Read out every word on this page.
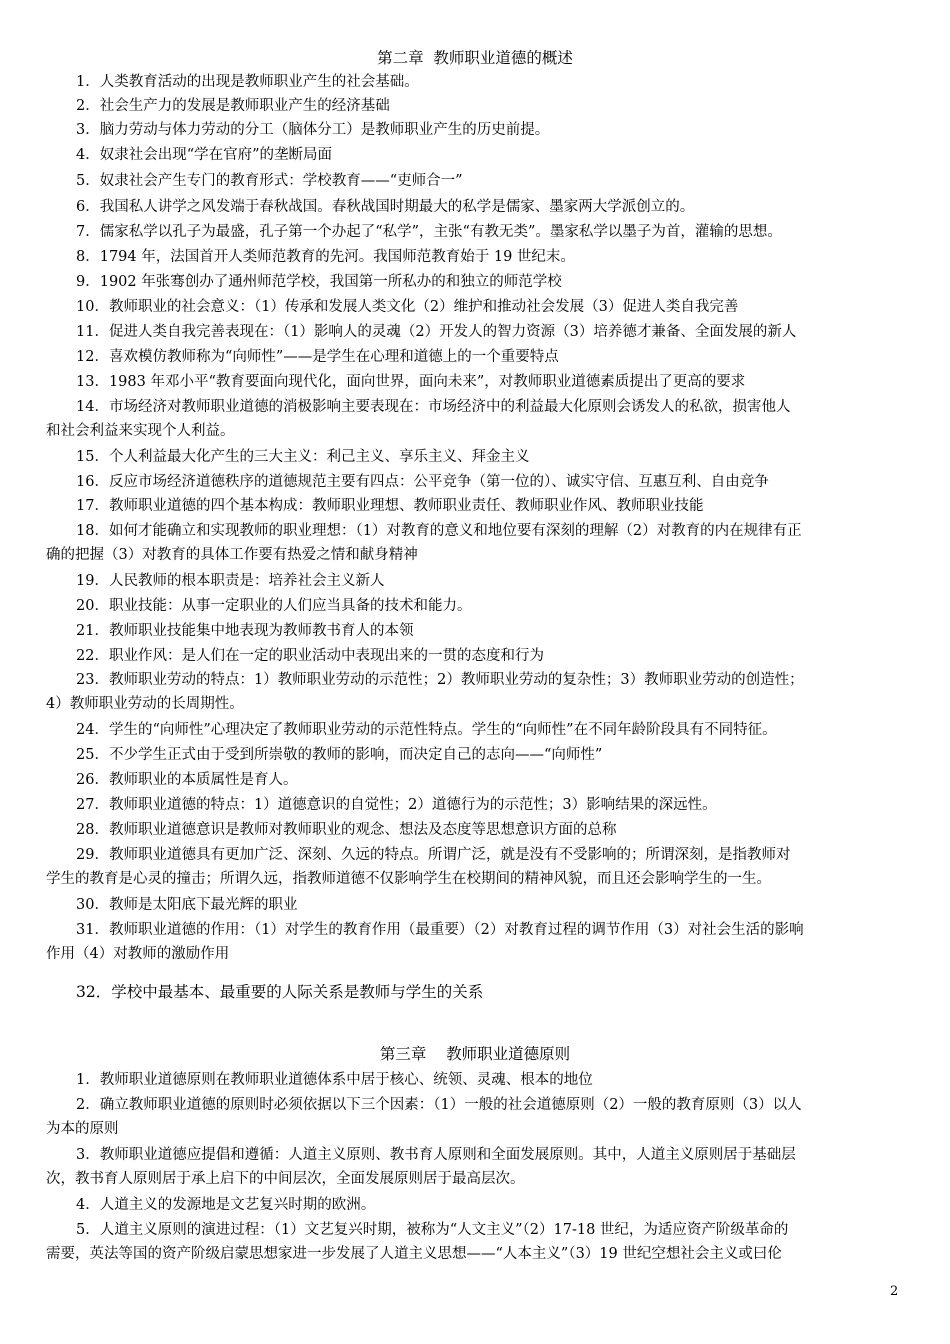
第二章  教师职业道德的概述
1．人类教育活动的出现是教师职业产生的社会基础。
2．社会生产力的发展是教师职业产生的经济基础
3．脑力劳动与体力劳动的分工（脑体分工）是教师职业产生的历史前提。
4．奴隶社会出现“学在官府”的垄断局面
5．奴隶社会产生专门的教育形式：学校教育——“吏师合一”
6．我国私人讲学之风发端于春秋战国。春秋战国时期最大的私学是儒家、墨家两大学派创立的。
7．儒家私学以孔子为最盛，孔子第一个办起了“私学”，主张“有教无类”。墨家私学以墨子为首，灌输的思想。
8．1794 年，法国首开人类师范教育的先河。我国师范教育始于 19 世纪末。
9．1902 年张骞创办了通州师范学校，我国第一所私办的和独立的师范学校
10．教师职业的社会意义：（1）传承和发展人类文化（2）维护和推动社会发展（3）促进人类自我完善
11．促进人类自我完善表现在：（1）影响人的灵魂（2）开发人的智力资源（3）培养德才兼备、全面发展的新人
12．喜欢模仿教师称为“向师性”——是学生在心理和道德上的一个重要特点
13．1983 年邓小平“教育要面向现代化，面向世界，面向未来”，对教师职业道德素质提出了更高的要求
14．市场经济对教师职业道德的消极影响主要表现在：市场经济中的利益最大化原则会诱发人的私欲，损害他人
和社会利益来实现个人利益。
15．个人利益最大化产生的三大主义：利己主义、享乐主义、拜金主义
16．反应市场经济道德秩序的道德规范主要有四点：公平竞争（第一位的）、诚实守信、互惠互利、自由竞争
17．教师职业道德的四个基本构成：教师职业理想、教师职业责任、教师职业作风、教师职业技能
18．如何才能确立和实现教师的职业理想：（1）对教育的意义和地位要有深刻的理解（2）对教育的内在规律有正
确的把握（3）对教育的具体工作要有热爱之情和献身精神
19．人民教师的根本职责是：培养社会主义新人
20．职业技能：从事一定职业的人们应当具备的技术和能力。
21．教师职业技能集中地表现为教师教书育人的本领
22．职业作风：是人们在一定的职业活动中表现出来的一贯的态度和行为
23．教师职业劳动的特点：1）教师职业劳动的示范性；2）教师职业劳动的复杂性；3）教师职业劳动的创造性；
4）教师职业劳动的长周期性。
24．学生的“向师性”心理决定了教师职业劳动的示范性特点。学生的“向师性”在不同年龄阶段具有不同特征。
25．不少学生正式由于受到所崇敬的教师的影响，而决定自己的志向——“向师性”
26．教师职业的本质属性是育人。
27．教师职业道德的特点：1）道德意识的自觉性；2）道德行为的示范性；3）影响结果的深远性。
28．教师职业道德意识是教师对教师职业的观念、想法及态度等思想意识方面的总称
29．教师职业道德具有更加广泛、深刻、久远的特点。所谓广泛，就是没有不受影响的；所谓深刻，是指教师对
学生的教育是心灵的撞击；所谓久远，指教师道德不仅影响学生在校期间的精神风貌，而且还会影响学生的一生。
30．教师是太阳底下最光辉的职业
31．教师职业道德的作用：（1）对学生的教育作用（最重要）（2）对教育过程的调节作用（3）对社会生活的影响
作用（4）对教师的激励作用
32．学校中最基本、最重要的人际关系是教师与学生的关系
第三章    教师职业道德原则
1．教师职业道德原则在教师职业道德体系中居于核心、统领、灵魂、根本的地位
2．确立教师职业道德的原则时必须依据以下三个因素：（1）一般的社会道德原则（2）一般的教育原则（3）以人
为本的原则
3．教师职业道德应提倡和遵循：人道主义原则、教书育人原则和全面发展原则。其中，人道主义原则居于基础层
次，教书育人原则居于承上启下的中间层次，全面发展原则居于最高层次。
4．人道主义的发源地是文艺复兴时期的欧洲。
5．人道主义原则的演进过程：（1）文艺复兴时期，被称为“人文主义”（2）17-18 世纪，为适应资产阶级革命的
需要，英法等国的资产阶级启蒙思想家进一步发展了人道主义思想——“人本主义”（3）19 世纪空想社会主义或曰伦
2
